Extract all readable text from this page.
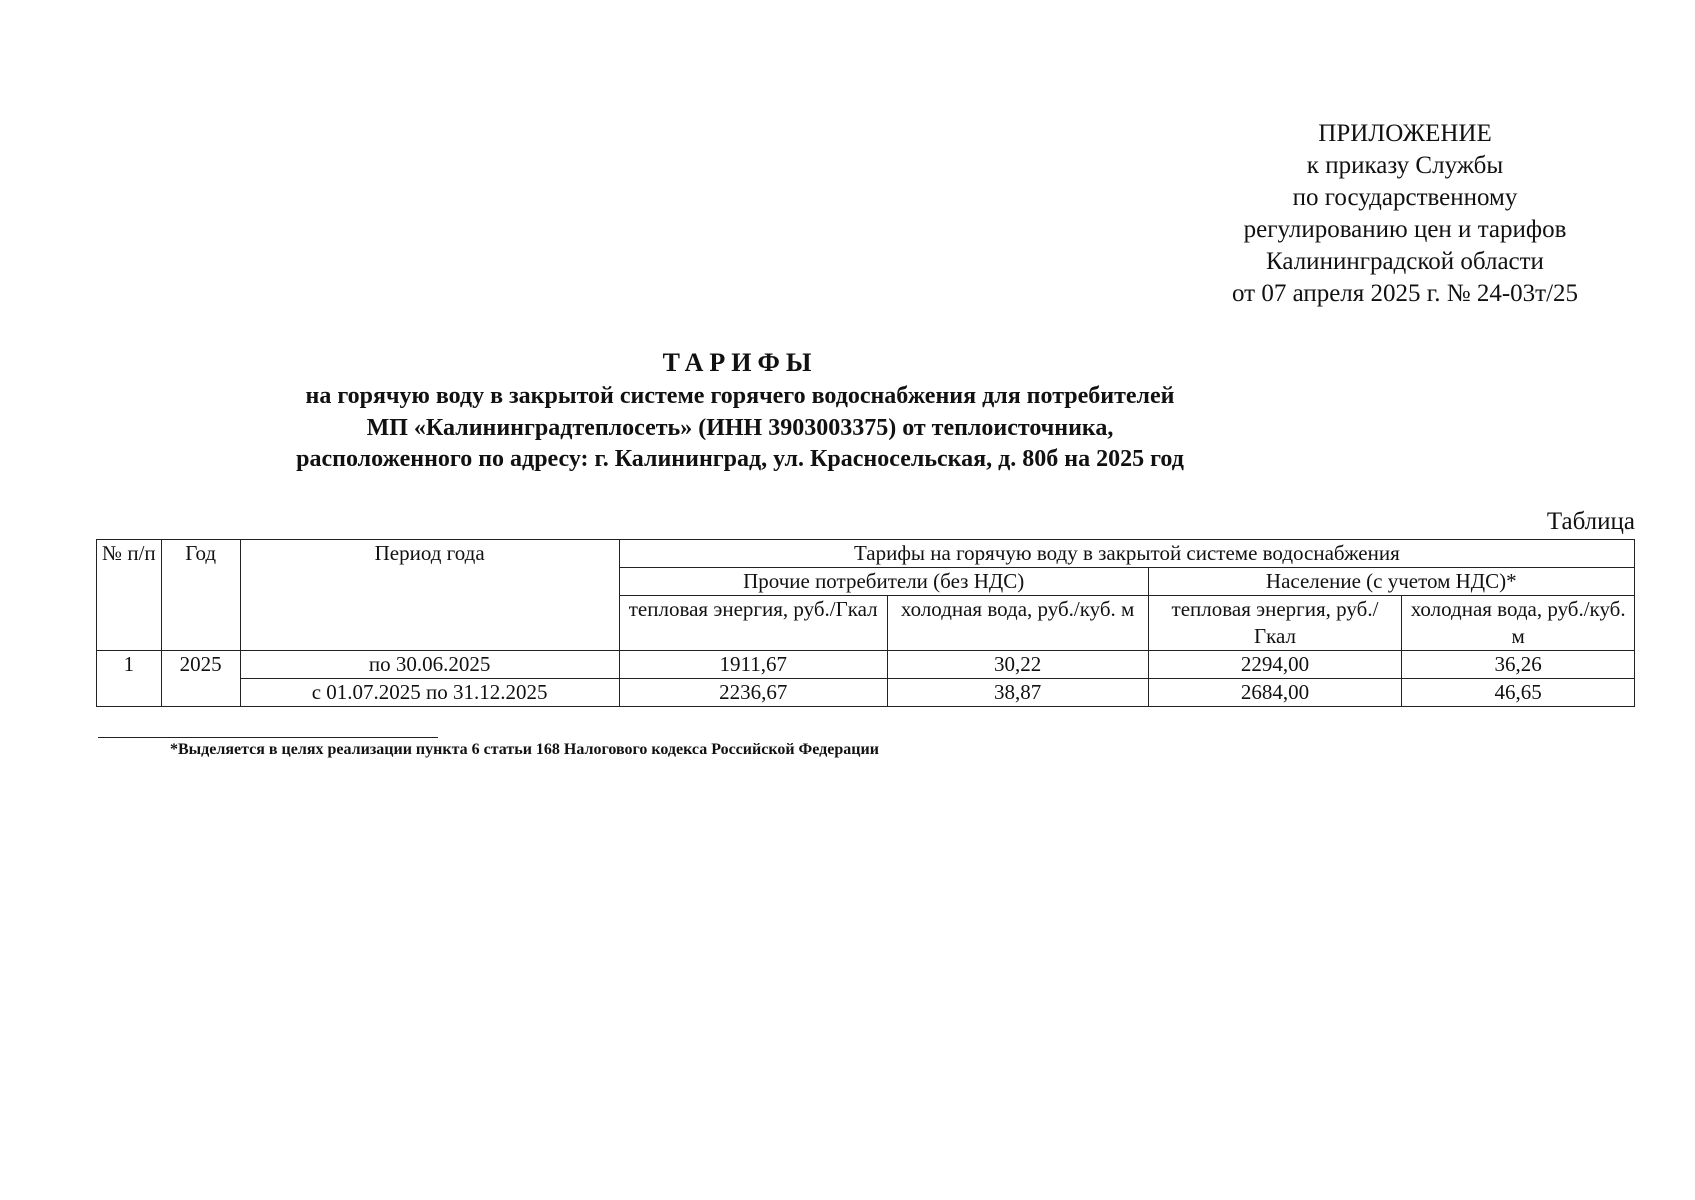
ПРИЛОЖЕНИЕ
к приказу Службы
по государственному
регулированию цен и тарифов
Калининградской области
от 07 апреля 2025 г. № 24-03т/25
ТАРИФЫ
на горячую воду в закрытой системе горячего водоснабжения для потребителей
МП «Калининградтеплосеть» (ИНН 3903003375) от теплоисточника,
расположенного по адресу: г. Калининград, ул. Красносельская, д. 80б на 2025 год
Таблица
№ п/п	Год	Период года	Тарифы на горячую воду в закрытой системе водоснабжения			
			Прочие потребители (без НДС)		Население (с учетом НДС)*	
			тепловая энергия, руб./Гкал	холодная вода, руб./куб. м	тепловая энергия, руб./Гкал	холодная вода, руб./куб. м
1	2025	по 30.06.2025	1911,67	30,22	2294,00	36,26
		с 01.07.2025 по 31.12.2025	2236,67	38,87	2684,00	46,65
*Выделяется в целях реализации пункта 6 статьи 168 Налогового кодекса Российской Федерации
